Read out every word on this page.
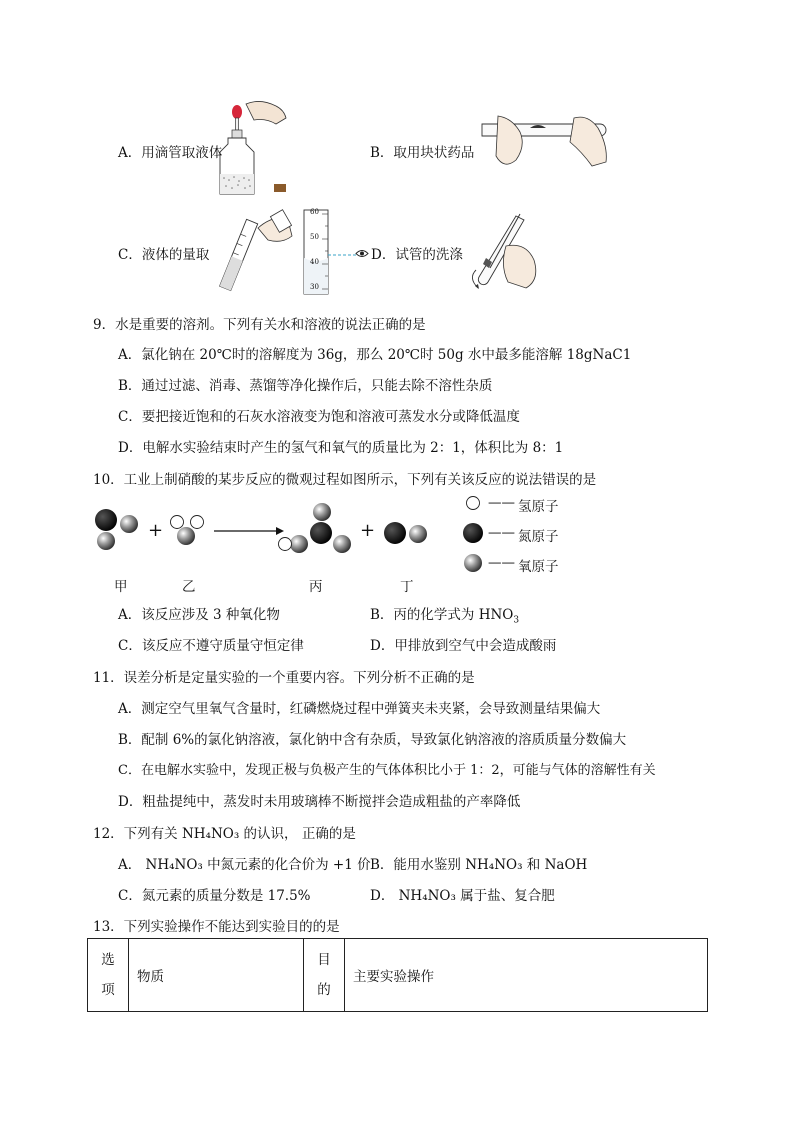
A．用滴管取液体	B．取用块状药品
60
50
40
30
C．液体的量取	D．试管的洗涤
9．水是重要的溶剂。下列有关水和溶液的说法正确的是
A．氯化钠在 20℃时的溶解度为 36g，那么 20℃时 50g 水中最多能溶解 18gNaC1
B．通过过滤、消毒、蒸馏等净化操作后，只能去除不溶性杂质
C．要把接近饱和的石灰水溶液变为饱和溶液可蒸发水分或降低温度
D．电解水实验结束时产生的氢气和氧气的质量比为 2：1，体积比为 8：1
10．工业上制硝酸的某步反应的微观过程如图所示，下列有关该反应的说法错误的是
+	+
甲	乙	丙	丁
—— 氢原子
—— 氮原子
—— 氧原子
A．该反应涉及 3 种氧化物	B．丙的化学式为 $HNO_3$
C．该反应不遵守质量守恒定律	D．甲排放到空气中会造成酸雨
11．误差分析是定量实验的一个重要内容。下列分析不正确的是
A．测定空气里氧气含量时，红磷燃烧过程中弹簧夹未夹紧，会导致测量结果偏大
B．配制 6%的氯化钠溶液，氯化钠中含有杂质，导致氯化钠溶液的溶质质量分数偏大
C．在电解水实验中，发现正极与负极产生的气体体积比小于 1：2，可能与气体的溶解性有关
D．粗盐提纯中，蒸发时未用玻璃棒不断搅拌会造成粗盐的产率降低
12．下列有关 NH₄NO₃ 的认识， 正确的是
A． NH₄NO₃ 中氮元素的化合价为 +1 价 B．能用水鉴别 NH₄NO₃ 和 NaOH
C．氮元素的质量分数是 17.5%	D． NH₄NO₃ 属于盐、复合肥
13．下列实验操作不能达到实验目的的是
选项	物质	目的	主要实验操作
